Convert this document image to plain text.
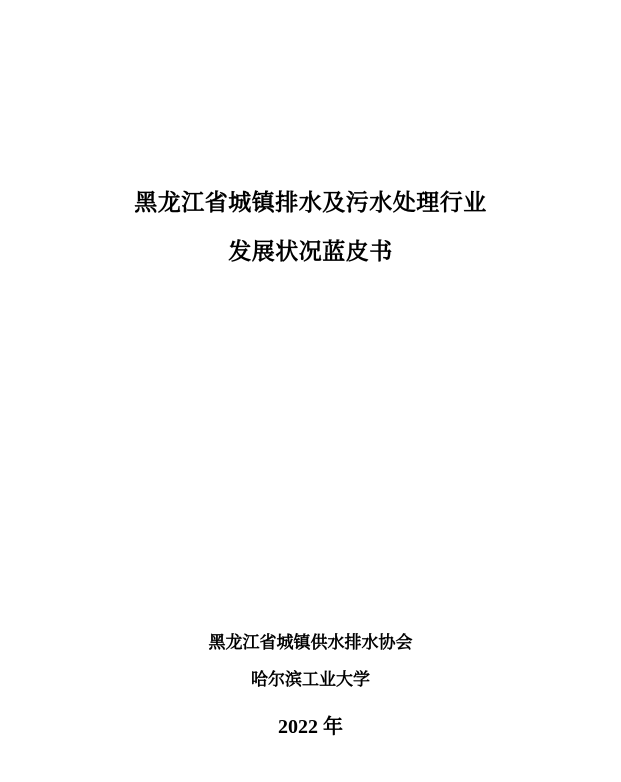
黑龙江省城镇排水及污水处理行业
发展状况蓝皮书
黑龙江省城镇供水排水协会
哈尔滨工业大学
2022 年
